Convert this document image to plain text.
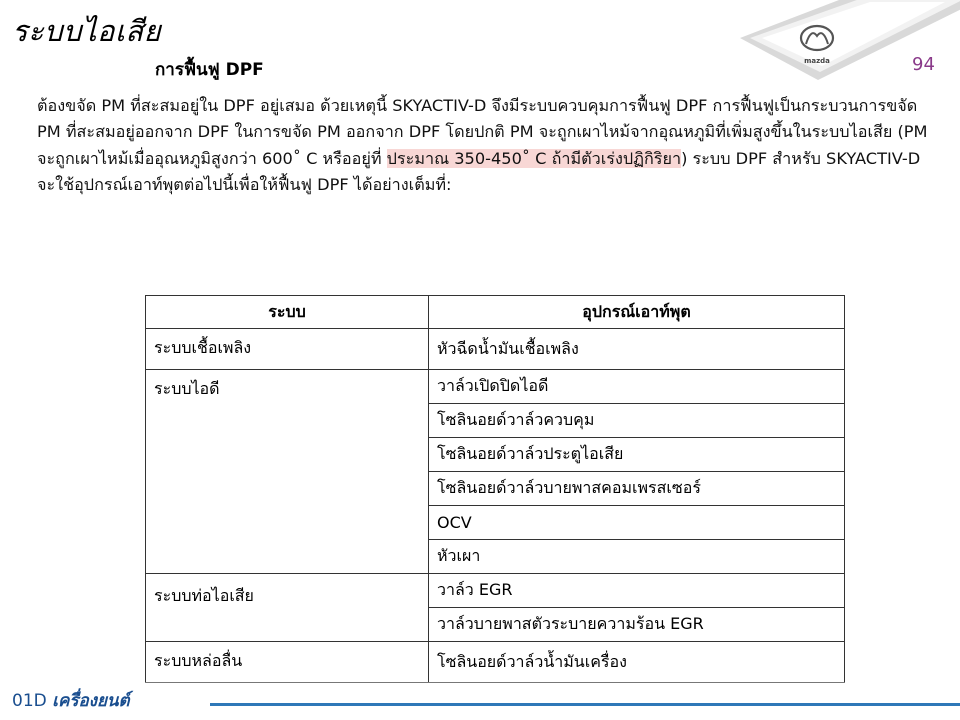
ระบบไอเสีย
mazda	94
การฟื้นฟู DPF
ต้องขจัด PM ที่สะสมอยู่ใน DPF อยู่เสมอ ด้วยเหตุนี้ SKYACTIV-D จึงมีระบบควบคุมการฟื้นฟู DPF การฟื้นฟูเป็นกระบวนการขจัด PM ที่สะสมอยู่ออกจาก DPF ในการขจัด PM ออกจาก DPF โดยปกติ PM จะถูกเผาไหม้จากอุณหภูมิที่เพิ่มสูงขึ้นในระบบไอเสีย (PM จะถูกเผาไหม้เมื่ออุณหภูมิสูงกว่า 600˚ C หรืออยู่ที่ ประมาณ 350-450˚ C ถ้ามีตัวเร่งปฏิกิริยา) ระบบ DPF สำหรับ SKYACTIV-D จะใช้อุปกรณ์เอาท์พุตต่อไปนี้เพื่อให้ฟื้นฟู DPF ได้อย่างเต็มที่:
ระบบ	อุปกรณ์เอาท์พุต
ระบบเชื้อเพลิง	หัวฉีดน้ำมันเชื้อเพลิง
ระบบไอดี	วาล์วเปิดปิดไอดี
	โซลินอยด์วาล์วควบคุม
	โซลินอยด์วาล์วประตูไอเสีย
	โซลินอยด์วาล์วบายพาสคอมเพรสเซอร์
	OCV
	หัวเผา
ระบบท่อไอเสีย	วาล์ว EGR
	วาล์วบายพาสตัวระบายความร้อน EGR
ระบบหล่อลื่น	โซลินอยด์วาล์วน้ำมันเครื่อง
01D เครื่องยนต์
